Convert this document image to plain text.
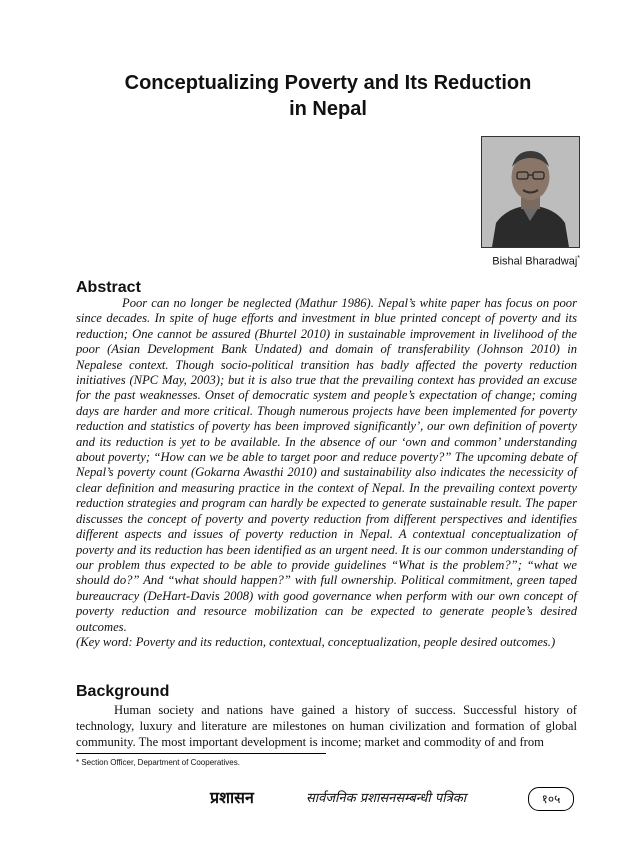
Conceptualizing Poverty and Its Reduction
in Nepal
Bishal Bharadwaj*
Abstract

Poor can no longer be neglected (Mathur 1986). Nepal’s white paper has focus on poor since decades. In spite of huge efforts and investment in blue printed concept of poverty and its reduction; One cannot be assured (Bhurtel 2010) in sustainable improvement in livelihood of the poor (Asian Development Bank Undated) and domain of transferability (Johnson 2010) in Nepalese context. Though socio-political transition has badly affected the poverty reduction initiatives (NPC May, 2003); but it is also true that the prevailing context has provided an excuse for the past weaknesses. Onset of democratic system and people’s expectation of change; coming days are harder and more critical. Though numerous projects have been implemented for poverty reduction and statistics of poverty has been improved significantly’, our own definition of poverty and its reduction is yet to be available. In the absence of our ‘own and common’ understanding about poverty; “How can we be able to target poor and reduce poverty?” The upcoming debate of Nepal’s poverty count (Gokarna Awasthi 2010) and sustainability also indicates the necessicity of clear definition and measuring practice in the context of Nepal. In the prevailing context poverty reduction strategies and program can hardly be expected to generate sustainable result. The paper discusses the concept of poverty and poverty reduction from different perspectives and identifies different aspects and issues of poverty reduction in Nepal. A contextual conceptualization of poverty and its reduction has been identified as an urgent need. It is our common understanding of our problem thus expected to be able to provide guidelines “What is the problem?”; “what we should do?” And “what should happen?” with full ownership. Political commitment, green taped bureaucracy (DeHart-Davis 2008) with good governance when perform with our own concept of poverty reduction and resource mobilization can be expected to generate people’s desired outcomes.

(Key word: Poverty and its reduction, contextual, conceptualization, people desired outcomes.)

Background

Human society and nations have gained a history of success. Successful history of technology, luxury and literature are milestones on human civilization and formation of global community. The most important development is income; market and commodity of and from

* Section Officer, Department of Cooperatives.
प्रशासन	सार्वजनिक प्रशासनसम्बन्धी पत्रिका	१०५
